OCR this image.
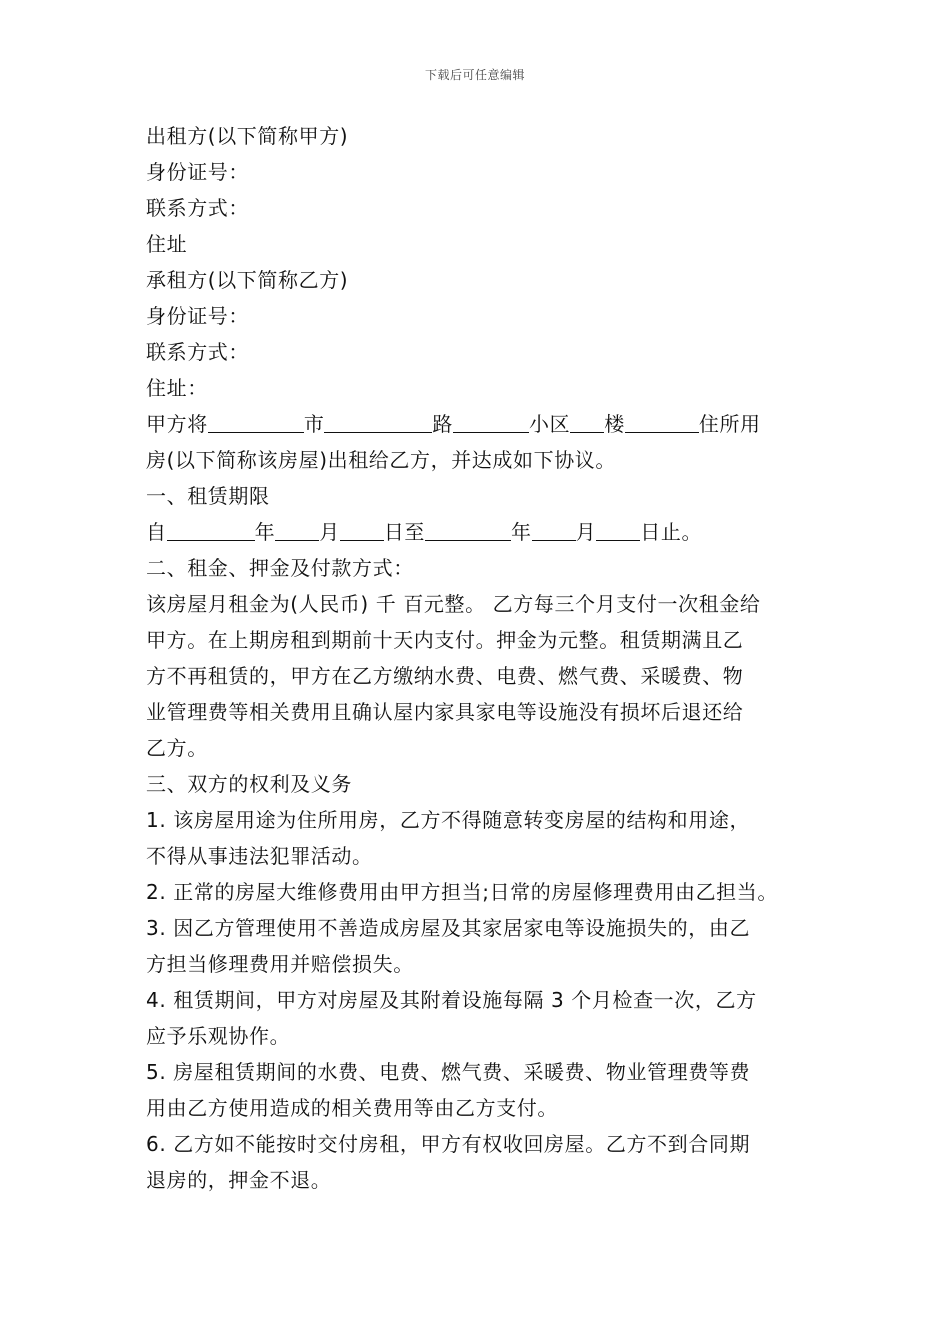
下载后可任意编辑
出租方(以下简称甲方)
身份证号：
联系方式：
住址
承租方(以下简称乙方)
身份证号：
联系方式：
住址：
甲方将	市	路	小区 楼	住所用
房(以下简称该房屋)出租给乙方，并达成如下协议。
一、租赁期限
自	年 月 日至	年 月 日止。
二、租金、押金及付款方式：
该房屋月租金为(人民币) 千 百元整。 乙方每三个月支付一次租金给
甲方。在上期房租到期前十天内支付。押金为元整。租赁期满且乙
方不再租赁的，甲方在乙方缴纳水费、电费、燃气费、采暖费、物
业管理费等相关费用且确认屋内家具家电等设施没有损坏后退还给
乙方。
三、双方的权利及义务
1. 该房屋用途为住所用房，乙方不得随意转变房屋的结构和用途，
不得从事违法犯罪活动。
2. 正常的房屋大维修费用由甲方担当;日常的房屋修理费用由乙担当。
3. 因乙方管理使用不善造成房屋及其家居家电等设施损失的，由乙
方担当修理费用并赔偿损失。
4. 租赁期间，甲方对房屋及其附着设施每隔 3 个月检查一次，乙方
应予乐观协作。
5. 房屋租赁期间的水费、电费、燃气费、采暖费、物业管理费等费
用由乙方使用造成的相关费用等由乙方支付。
6. 乙方如不能按时交付房租，甲方有权收回房屋。乙方不到合同期
退房的，押金不退。
